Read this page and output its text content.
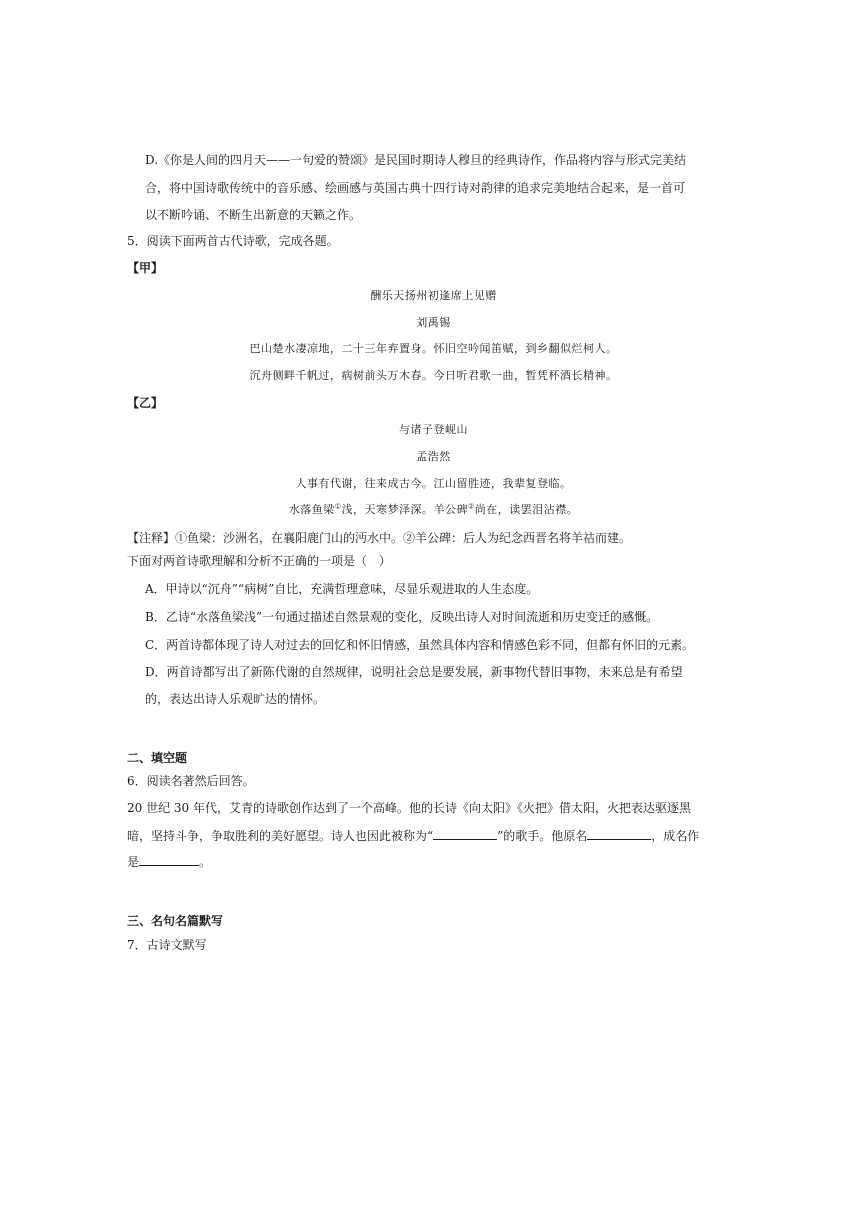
D.《你是人间的四月天——一句爱的赞颂》是民国时期诗人穆旦的经典诗作，作品将内容与形式完美结
合，将中国诗歌传统中的音乐感、绘画感与英国古典十四行诗对韵律的追求完美地结合起来，是一首可
以不断吟诵、不断生出新意的天籁之作。
5．阅读下面两首古代诗歌，完成各题。
【甲】
酬乐天扬州初逢席上见赠
刘禹锡
巴山楚水凄凉地，二十三年弃置身。怀旧空吟闻笛赋，到乡翻似烂柯人。
沉舟侧畔千帆过，病树前头万木春。今日听君歌一曲，暂凭杯酒长精神。
【乙】
与诸子登岘山
孟浩然
人事有代谢，往来成古今。江山留胜迹，我辈复登临。
水落鱼梁①浅，天寒梦泽深。羊公碑②尚在，读罢泪沾襟。
【注释】①鱼梁：沙洲名，在襄阳鹿门山的沔水中。②羊公碑：后人为纪念西晋名将羊祜而建。
下面对两首诗歌理解和分析不正确的一项是（　）
A．甲诗以“沉舟”“病树”自比，充满哲理意味，尽显乐观进取的人生态度。
B．乙诗“水落鱼梁浅”一句通过描述自然景观的变化，反映出诗人对时间流逝和历史变迁的感慨。
C．两首诗都体现了诗人对过去的回忆和怀旧情感，虽然具体内容和情感色彩不同，但都有怀旧的元素。
D．两首诗都写出了新陈代谢的自然规律，说明社会总是要发展，新事物代替旧事物，未来总是有希望
的，表达出诗人乐观旷达的情怀。
二、填空题
6．阅读名著然后回答。
20 世纪 30 年代，艾青的诗歌创作达到了一个高峰。他的长诗《向太阳》《火把》借太阳，火把表达驱逐黑
暗，坚持斗争，争取胜利的美好愿望。诗人也因此被称为“	”的歌手。他原名	，成名作
是	。
三、名句名篇默写
7．古诗文默写
